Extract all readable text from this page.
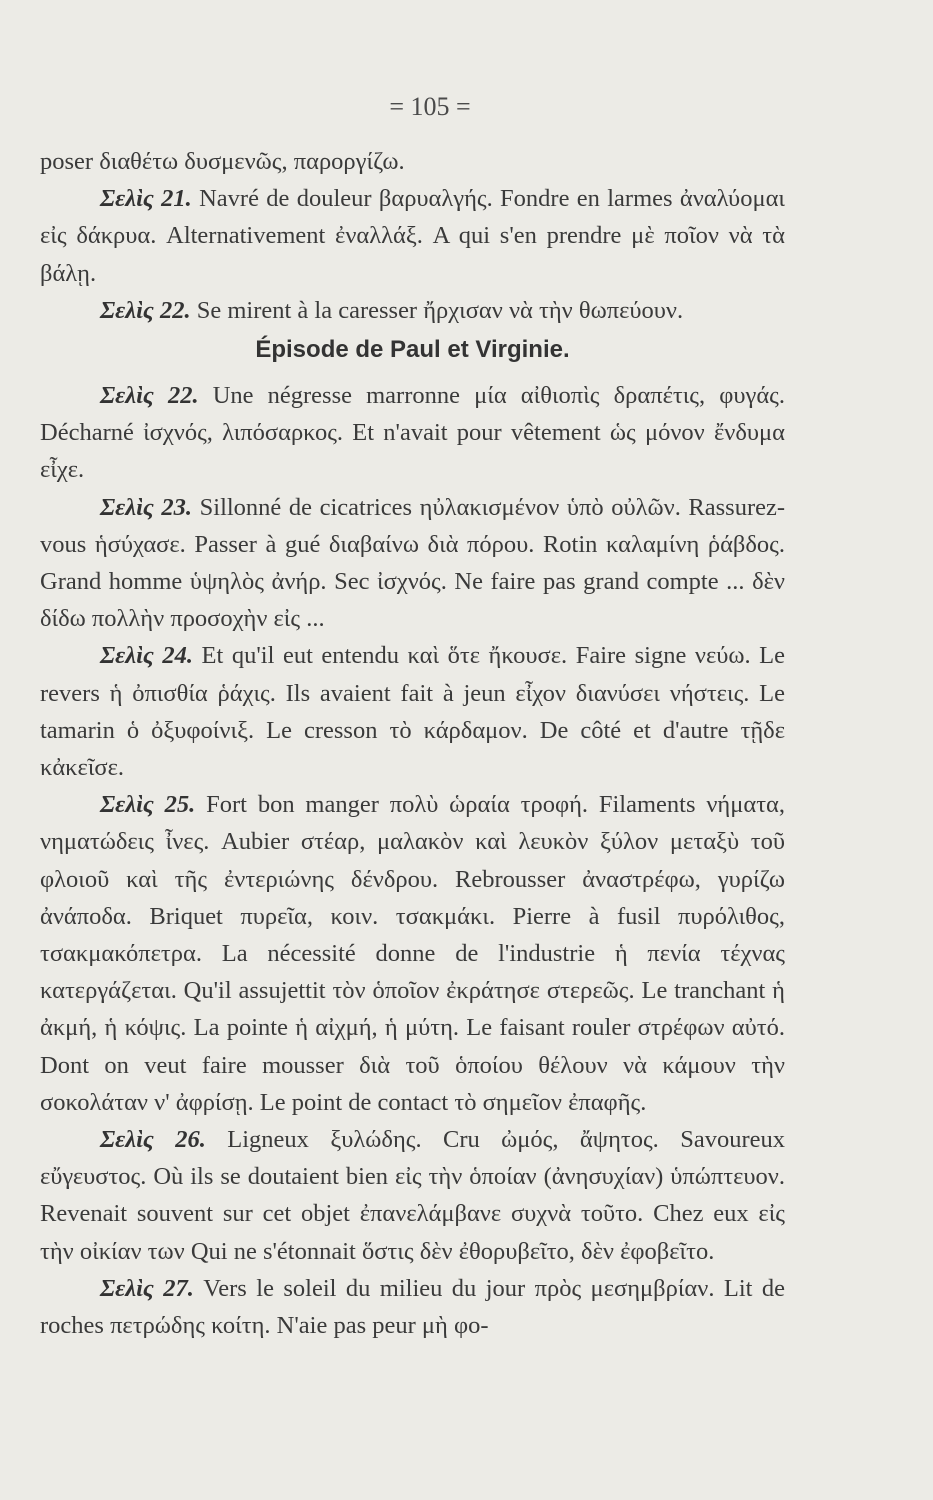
= 105 =

poser διαθέτω δυσμενῶς, παροργίζω.

Σελὶς 21. Navré de douleur βαρυαλγής. Fondre en larmes ἀναλύομαι εἰς δάκρυα. Alternativement ἐναλλάξ. A qui s'en prendre μὲ ποῖον νὰ τὰ βάλῃ.

Σελὶς 22. Se mirent à la caresser ἤρχισαν νὰ τὴν θωπεύουν.

Épisode de Paul et Virginie.

Σελὶς 22. Une négresse marronne μία αἰθιοπὶς δραπέτις, φυγάς. Décharné ἰσχνός, λιπόσαρκος. Et n'avait pour vêtement ὡς μόνον ἔνδυμα εἶχε.

Σελὶς 23. Sillonné de cicatrices ηὐλακισμένον ὑπὸ οὐλῶν. Rassurez-vous ἡσύχασε. Passer à gué διαβαίνω διὰ πόρου. Rotin καλαμίνη ῥάβδος. Grand homme ὑψηλὸς ἀνήρ. Sec ἰσχνός. Ne faire pas grand compte ... δὲν δίδω πολλὴν προσοχὴν εἰς ...

Σελὶς 24. Et qu'il eut entendu καὶ ὅτε ἤκουσε. Faire signe νεύω. Le revers ἡ ὀπισθία ῥάχις. Ils avaient fait à jeun εἶχον διανύσει νήστεις. Le tamarin ὁ ὀξυφοίνιξ. Le cresson τὸ κάρδαμον. De côté et d'autre τῇδε κἀκεῖσε.

Σελὶς 25. Fort bon manger πολὺ ὡραία τροφή. Filaments νήματα, νηματώδεις ἶνες. Aubier στέαρ, μαλακὸν καὶ λευκὸν ξύλον μεταξὺ τοῦ φλοιοῦ καὶ τῆς ἐντεριώνης δένδρου. Rebrousser ἀναστρέφω, γυρίζω ἀνάποδα. Briquet πυρεῖα, κοιν. τσακμάκι. Pierre à fusil πυρόλιθος, τσακμακόπετρα. La nécessité donne de l'industrie ἡ πενία τέχνας κατεργάζεται. Qu'il assujettit τὸν ὁποῖον ἐκράτησε στερεῶς. Le tranchant ἡ ἀκμή, ἡ κόψις. La pointe ἡ αἰχμή, ἡ μύτη. Le faisant rouler στρέφων αὐτό. Dont on veut faire mousser διὰ τοῦ ὁποίου θέλουν νὰ κάμουν τὴν σοκολάταν ν' ἀφρίσῃ. Le point de contact τὸ σημεῖον ἐπαφῆς.

Σελὶς 26. Ligneux ξυλώδης. Cru ὠμός, ἄψητος. Savoureux εὔγευστος. Où ils se doutaient bien εἰς τὴν ὁποίαν (ἀνησυχίαν) ὑπώπτευον. Revenait souvent sur cet objet ἐπανελάμβανε συχνὰ τοῦτο. Chez eux εἰς τὴν οἰκίαν των Qui ne s'étonnait ὅστις δὲν ἐθορυβεῖτο, δὲν ἐφοβεῖτο.

Σελὶς 27. Vers le soleil du milieu du jour πρὸς μεσημβρίαν. Lit de roches πετρώδης κοίτη. N'aie pas peur μὴ φο-
